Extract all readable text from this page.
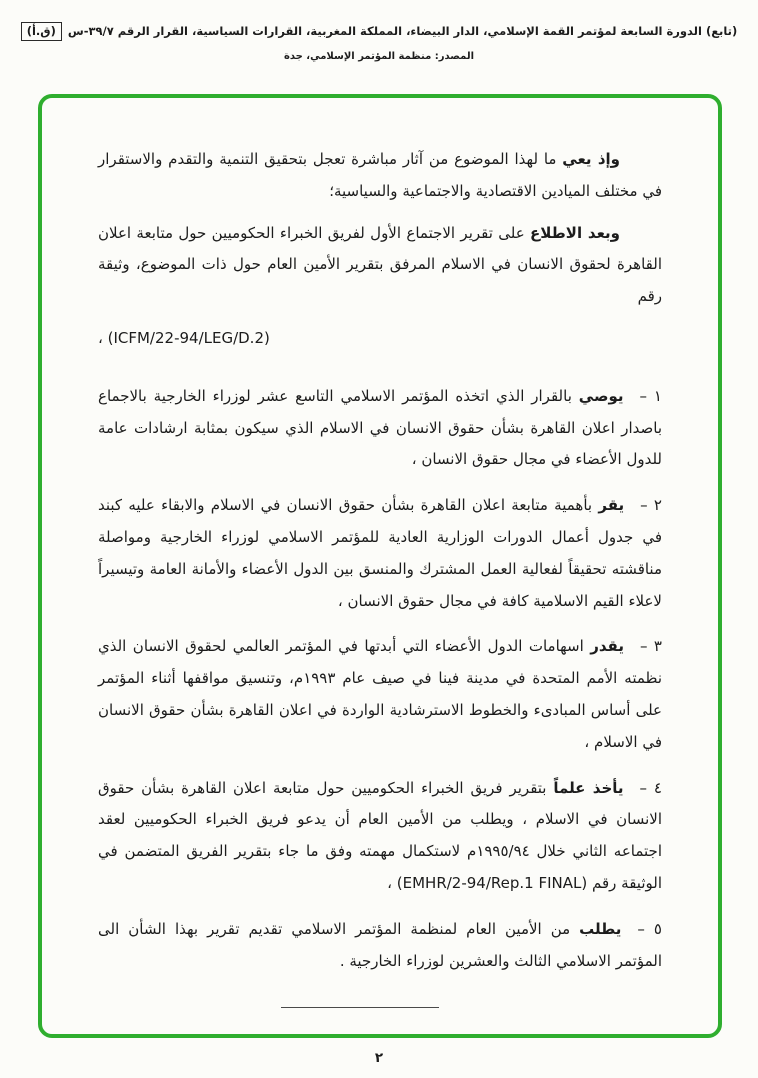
(تابع) الدورة السابعة لمؤتمر القمة الإسلامي، الدار البيضاء، المملكة المغربية، القرارات السياسية، القرار الرقم ٣٩/٧-س(ق.أ)
المصدر: منظمة المؤتمر الإسلامي، جدة

وإذ يعي ما لهذا الموضوع من آثار مباشرة تعجل بتحقيق التنمية والتقدم والاستقرار في مختلف الميادين الاقتصادية والاجتماعية والسياسية؛

وبعد الاطلاع على تقرير الاجتماع الأول لفريق الخبراء الحكوميين حول متابعة اعلان القاهرة لحقوق الانسان في الاسلام المرفق بتقرير الأمين العام حول ذات الموضوع، وثيقة رقم

(ICFM/22-94/LEG/D.2) ،

١ –يوصي بالقرار الذي اتخذه المؤتمر الاسلامي التاسع عشر لوزراء الخارجية بالاجماع باصدار اعلان القاهرة بشأن حقوق الانسان في الاسلام الذي سيكون بمثابة ارشادات عامة للدول الأعضاء في مجال حقوق الانسان ،

٢ –يقر بأهمية متابعة اعلان القاهرة بشأن حقوق الانسان في الاسلام والابقاء عليه كبند في جدول أعمال الدورات الوزارية العادية للمؤتمر الاسلامي لوزراء الخارجية ومواصلة مناقشته تحقيقاً لفعالية العمل المشترك والمنسق بين الدول الأعضاء والأمانة العامة وتيسيراً لاعلاء القيم الاسلامية كافة في مجال حقوق الانسان ،

٣ –يقدر اسهامات الدول الأعضاء التي أبدتها في المؤتمر العالمي لحقوق الانسان الذي نظمته الأمم المتحدة في مدينة فينا في صيف عام ١٩٩٣م، وتنسيق مواقفها أثناء المؤتمر على أساس المبادىء والخطوط الاسترشادية الواردة في اعلان القاهرة بشأن حقوق الانسان في الاسلام ،

٤ –يأخذ علماً بتقرير فريق الخبراء الحكوميين حول متابعة اعلان القاهرة بشأن حقوق الانسان في الاسلام ، ويطلب من الأمين العام أن يدعو فريق الخبراء الحكوميين لعقد اجتماعه الثاني خلال ١٩٩٥/٩٤م لاستكمال مهمته وفق ما جاء بتقرير الفريق المتضمن في الوثيقة رقم (EMHR/2-94/Rep.1 FINAL) ،

٥ –يطلب من الأمين العام لمنظمة المؤتمر الاسلامي تقديم تقرير بهذا الشأن الى المؤتمر الاسلامي الثالث والعشرين لوزراء الخارجية .

٢
